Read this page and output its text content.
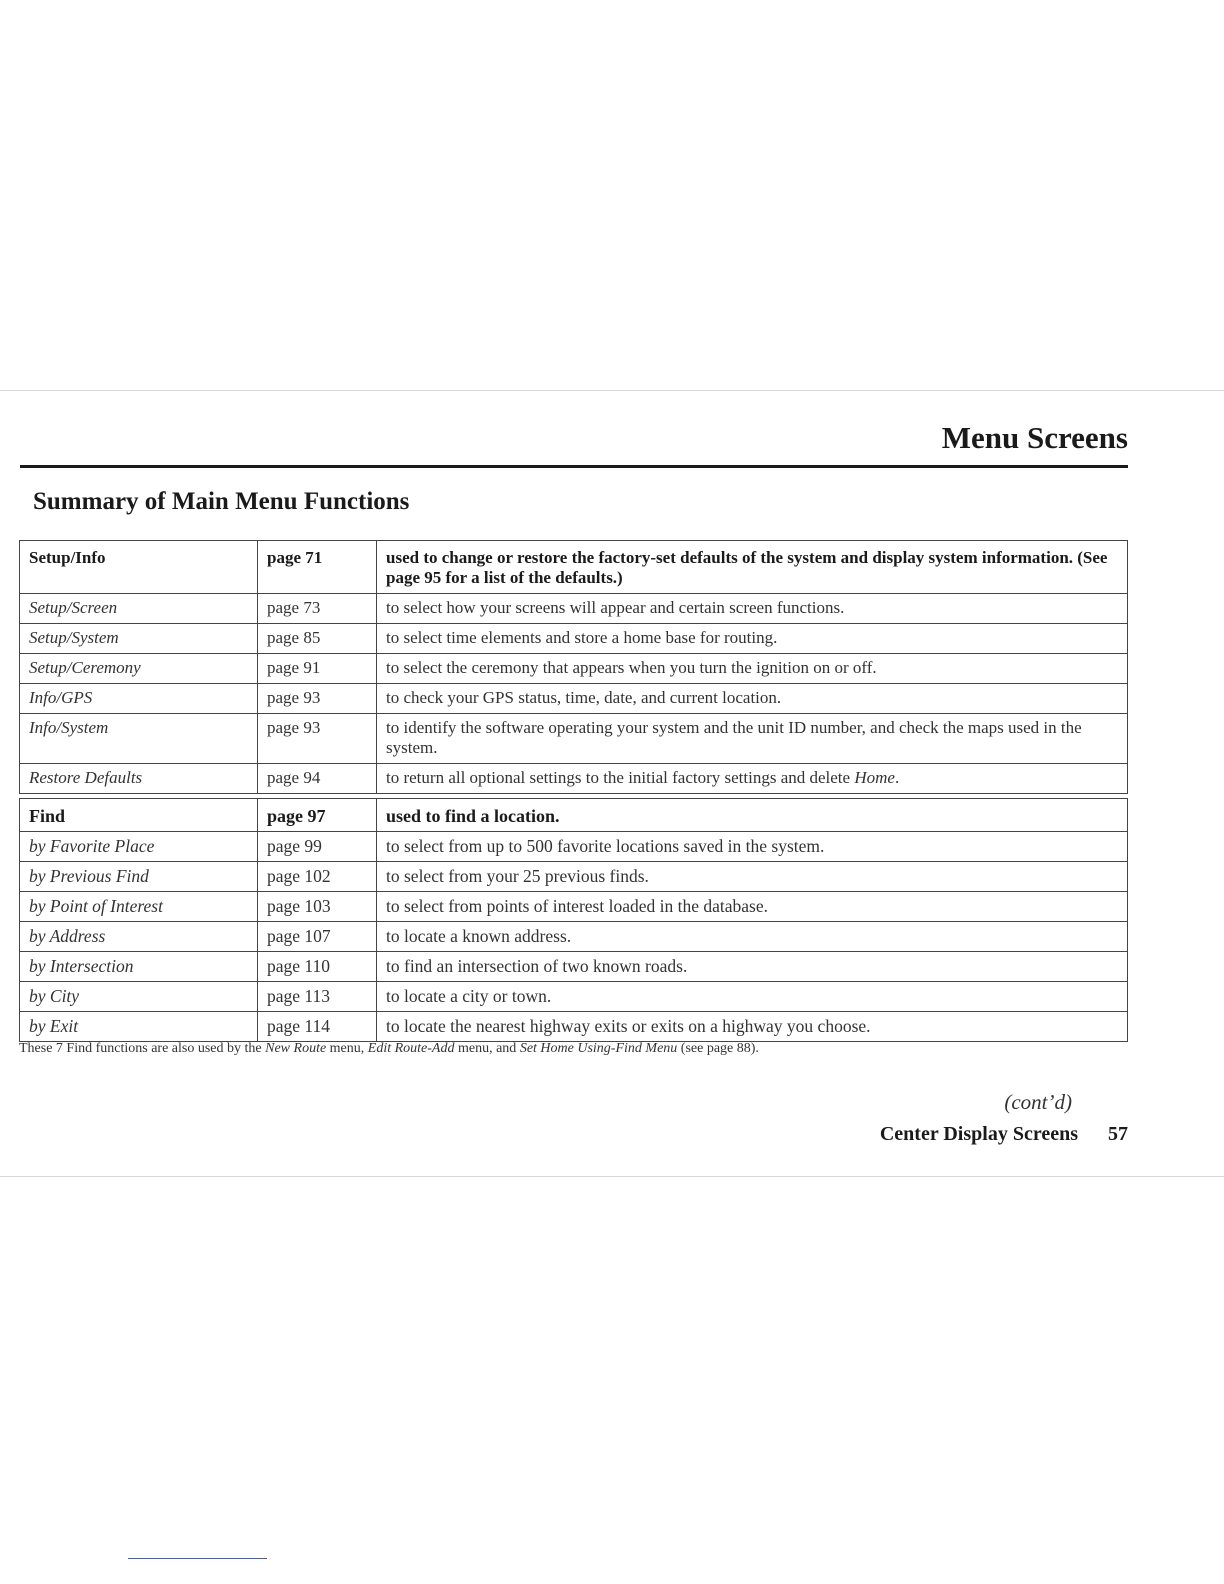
Menu Screens
Summary of Main Menu Functions
Setup/Info	page 71	used to change or restore the factory-set defaults of the system and display system information. (See page 95 for a list of the defaults.)
Setup/Screen	page 73	to select how your screens will appear and certain screen functions.
Setup/System	page 85	to select time elements and store a home base for routing.
Setup/Ceremony	page 91	to select the ceremony that appears when you turn the ignition on or off.
Info/GPS	page 93	to check your GPS status, time, date, and current location.
Info/System	page 93	to identify the software operating your system and the unit ID number, and check the maps used in the system.
Restore Defaults	page 94	to return all optional settings to the initial factory settings and delete Home.
Find	page 97	used to find a location.
by Favorite Place	page 99	to select from up to 500 favorite locations saved in the system.
by Previous Find	page 102	to select from your 25 previous finds.
by Point of Interest	page 103	to select from points of interest loaded in the database.
by Address	page 107	to locate a known address.
by Intersection	page 110	to find an intersection of two known roads.
by City	page 113	to locate a city or town.
by Exit	page 114	to locate the nearest highway exits or exits on a highway you choose.

These 7 Find functions are also used by the New Route menu, Edit Route-Add menu, and Set Home Using-Find Menu (see page 88).

(cont’d)

Center Display Screens 57
